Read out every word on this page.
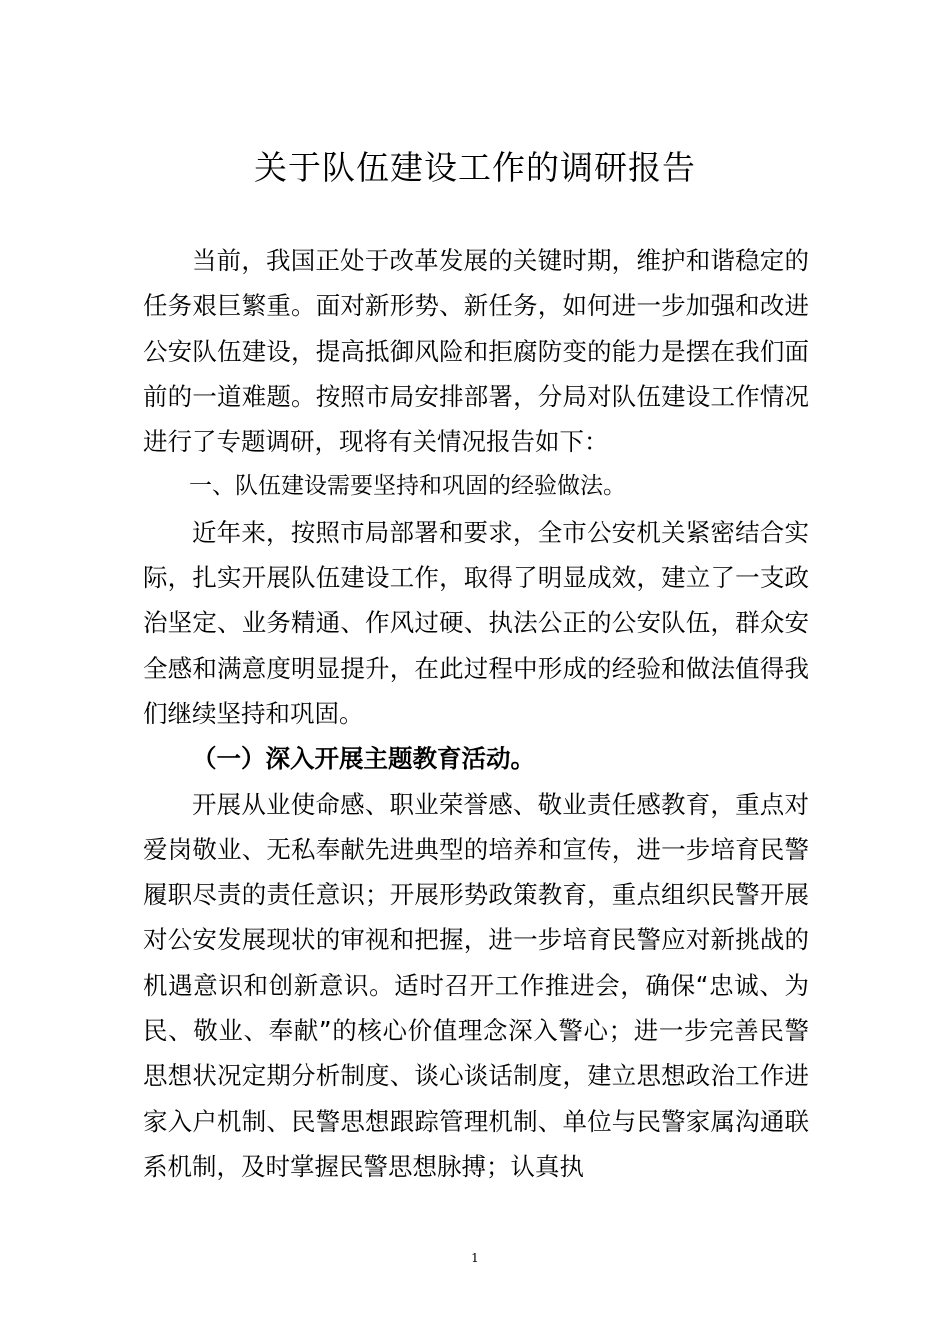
关于队伍建设工作的调研报告

当前，我国正处于改革发展的关键时期，维护和谐稳定的任务艰巨繁重。面对新形势、新任务，如何进一步加强和改进公安队伍建设，提高抵御风险和拒腐防变的能力是摆在我们面前的一道难题。按照市局安排部署，分局对队伍建设工作情况进行了专题调研，现将有关情况报告如下：

一、队伍建设需要坚持和巩固的经验做法。

近年来，按照市局部署和要求，全市公安机关紧密结合实际，扎实开展队伍建设工作，取得了明显成效，建立了一支政治坚定、业务精通、作风过硬、执法公正的公安队伍，群众安全感和满意度明显提升，在此过程中形成的经验和做法值得我们继续坚持和巩固。

（一）深入开展主题教育活动。

开展从业使命感、职业荣誉感、敬业责任感教育，重点对爱岗敬业、无私奉献先进典型的培养和宣传，进一步培育民警履职尽责的责任意识；开展形势政策教育，重点组织民警开展对公安发展现状的审视和把握，进一步培育民警应对新挑战的机遇意识和创新意识。适时召开工作推进会，确保“忠诚、为民、敬业、奉献”的核心价值理念深入警心；进一步完善民警思想状况定期分析制度、谈心谈话制度，建立思想政治工作进家入户机制、民警思想跟踪管理机制、单位与民警家属沟通联系机制，及时掌握民警思想脉搏；认真执

1
